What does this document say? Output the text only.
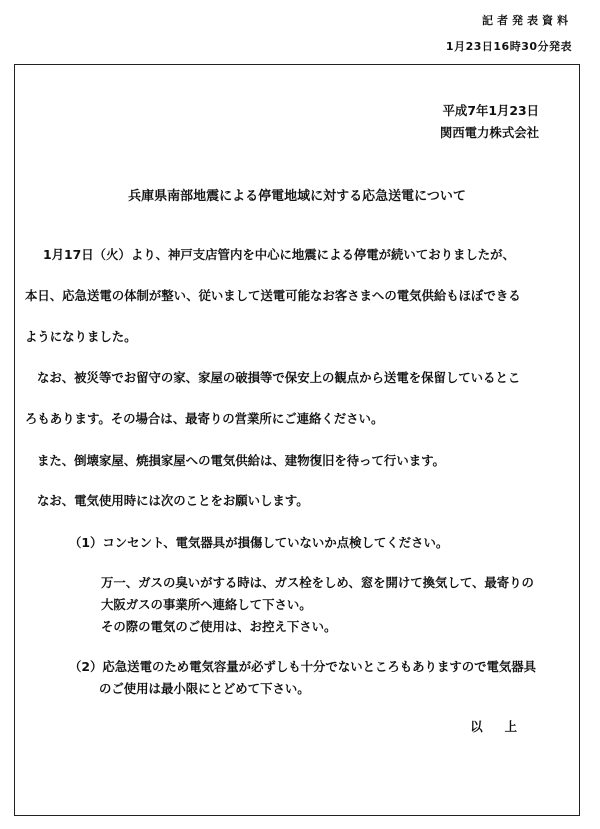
記者発表資料
1月23日16時30分発表
平成7年1月23日
関西電力株式会社
兵庫県南部地震による停電地域に対する応急送電について
1月17日（火）より、神戸支店管内を中心に地震による停電が続いておりましたが、
本日、応急送電の体制が整い、従いまして送電可能なお客さまへの電気供給もほぼできる
ようになりました。
なお、被災等でお留守の家、家屋の破損等で保安上の観点から送電を保留しているとこ
ろもあります。その場合は、最寄りの営業所にご連絡ください。
また、倒壊家屋、焼損家屋への電気供給は、建物復旧を待って行います。
なお、電気使用時には次のことをお願いします。
（1）コンセント、電気器具が損傷していないか点検してください。
万一、ガスの臭いがする時は、ガス栓をしめ、窓を開けて換気して、最寄りの
大阪ガスの事業所へ連絡して下さい。
その際の電気のご使用は、お控え下さい。
（2）応急送電のため電気容量が必ずしも十分でないところもありますので電気器具
のご使用は最小限にとどめて下さい。
以上
